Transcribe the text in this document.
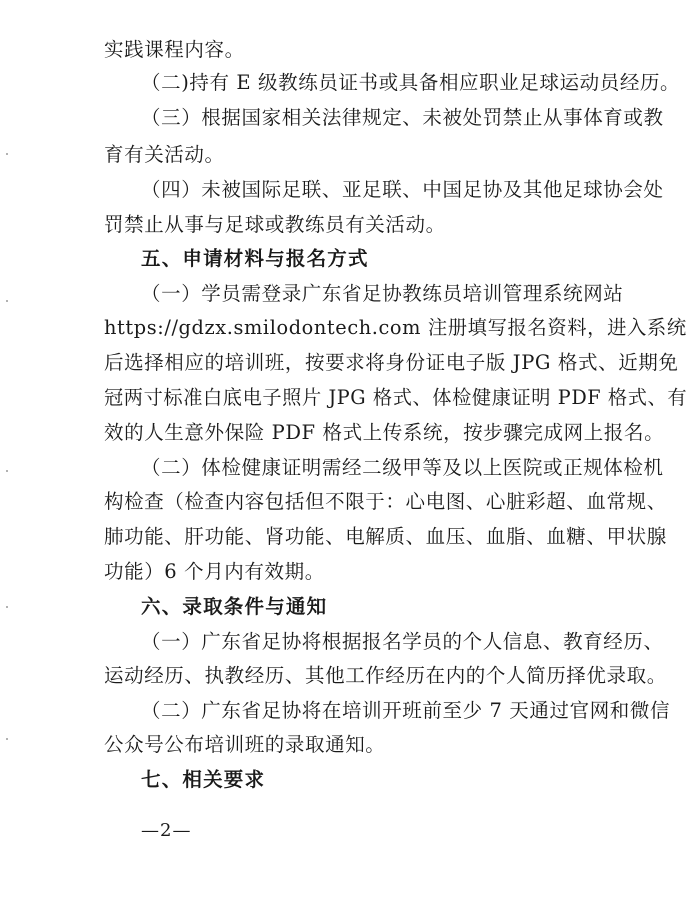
实践课程内容。
（二)持有 E 级教练员证书或具备相应职业足球运动员经历。
（三）根据国家相关法律规定、未被处罚禁止从事体育或教
育有关活动。
（四）未被国际足联、亚足联、中国足协及其他足球协会处
罚禁止从事与足球或教练员有关活动。
五、申请材料与报名方式
（一）学员需登录广东省足协教练员培训管理系统网站
https://gdzx.smilodontech.com 注册填写报名资料，进入系统
后选择相应的培训班，按要求将身份证电子版 JPG 格式、近期免
冠两寸标准白底电子照片 JPG 格式、体检健康证明 PDF 格式、有
效的人生意外保险 PDF 格式上传系统，按步骤完成网上报名。
（二）体检健康证明需经二级甲等及以上医院或正规体检机
构检查（检查内容包括但不限于：心电图、心脏彩超、血常规、
肺功能、肝功能、肾功能、电解质、血压、血脂、血糖、甲状腺
功能）6 个月内有效期。
六、录取条件与通知
（一）广东省足协将根据报名学员的个人信息、教育经历、
运动经历、执教经历、其他工作经历在内的个人简历择优录取。
（二）广东省足协将在培训开班前至少 7 天通过官网和微信
公众号公布培训班的录取通知。
七、相关要求
—2—
